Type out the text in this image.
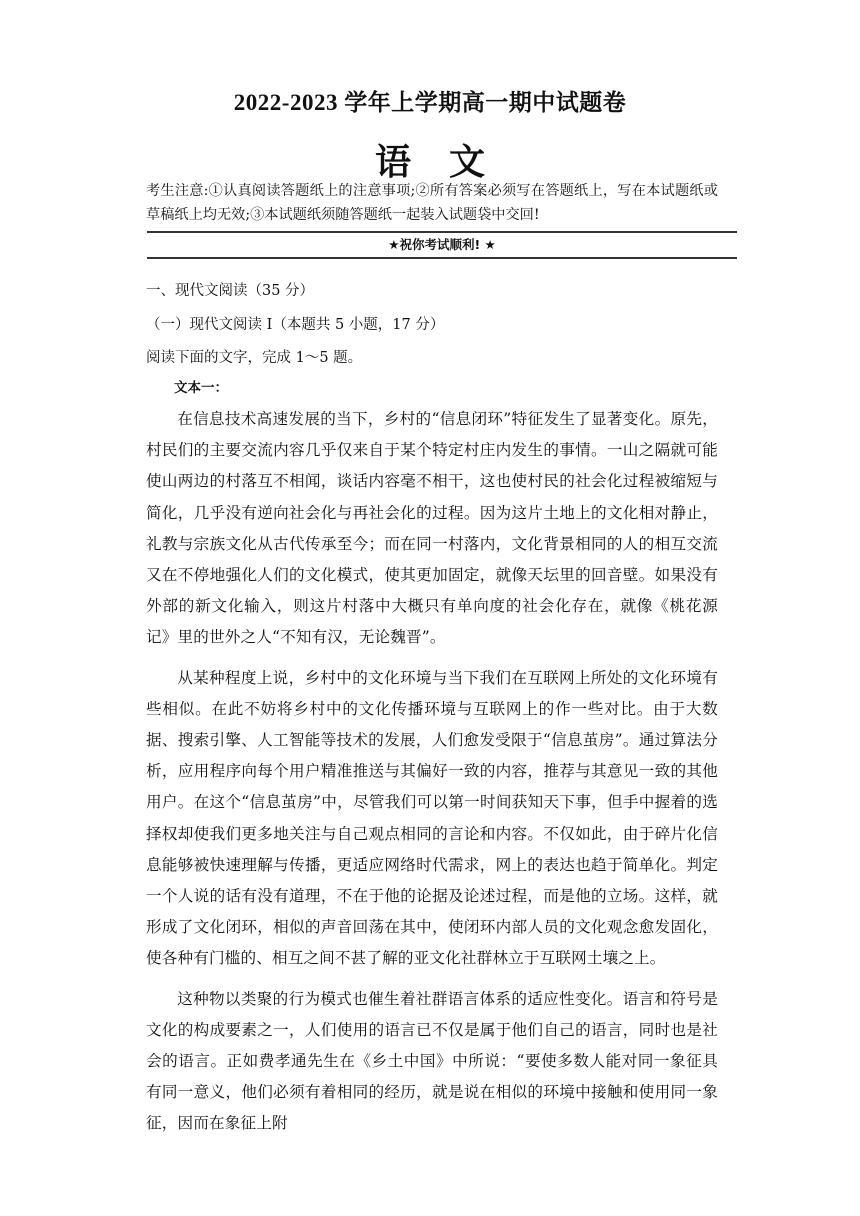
2022-2023 学年上学期高一期中试题卷
语文
考生注意:①认真阅读答题纸上的注意事项;②所有答案必须写在答题纸上，写在本试题纸或草稿纸上均无效;③本试题纸须随答题纸一起装入试题袋中交回!
★祝你考试顺利! ★
一、现代文阅读（35 分）
（一）现代文阅读 I（本题共 5 小题，17 分）
阅读下面的文字，完成 1～5 题。
文本一：

在信息技术高速发展的当下，乡村的“信息闭环”特征发生了显著变化。原先，村民们的主要交流内容几乎仅来自于某个特定村庄内发生的事情。一山之隔就可能使山两边的村落互不相闻，谈话内容毫不相干，这也使村民的社会化过程被缩短与简化，几乎没有逆向社会化与再社会化的过程。因为这片土地上的文化相对静止，礼教与宗族文化从古代传承至今；而在同一村落内，文化背景相同的人的相互交流又在不停地强化人们的文化模式，使其更加固定，就像天坛里的回音壁。如果没有外部的新文化输入，则这片村落中大概只有单向度的社会化存在，就像《桃花源记》里的世外之人“不知有汉，无论魏晋”。

从某种程度上说，乡村中的文化环境与当下我们在互联网上所处的文化环境有些相似。在此不妨将乡村中的文化传播环境与互联网上的作一些对比。由于大数据、搜索引擎、人工智能等技术的发展，人们愈发受限于“信息茧房”。通过算法分析，应用程序向每个用户精准推送与其偏好一致的内容，推荐与其意见一致的其他用户。在这个“信息茧房”中，尽管我们可以第一时间获知天下事，但手中握着的选择权却使我们更多地关注与自己观点相同的言论和内容。不仅如此，由于碎片化信息能够被快速理解与传播，更适应网络时代需求，网上的表达也趋于简单化。判定一个人说的话有没有道理，不在于他的论据及论述过程，而是他的立场。这样，就形成了文化闭环，相似的声音回荡在其中，使闭环内部人员的文化观念愈发固化，使各种有门槛的、相互之间不甚了解的亚文化社群林立于互联网土壤之上。

这种物以类聚的行为模式也催生着社群语言体系的适应性变化。语言和符号是文化的构成要素之一，人们使用的语言已不仅是属于他们自己的语言，同时也是社会的语言。正如费孝通先生在《乡土中国》中所说：“要使多数人能对同一象征具有同一意义，他们必须有着相同的经历，就是说在相似的环境中接触和使用同一象征，因而在象征上附
